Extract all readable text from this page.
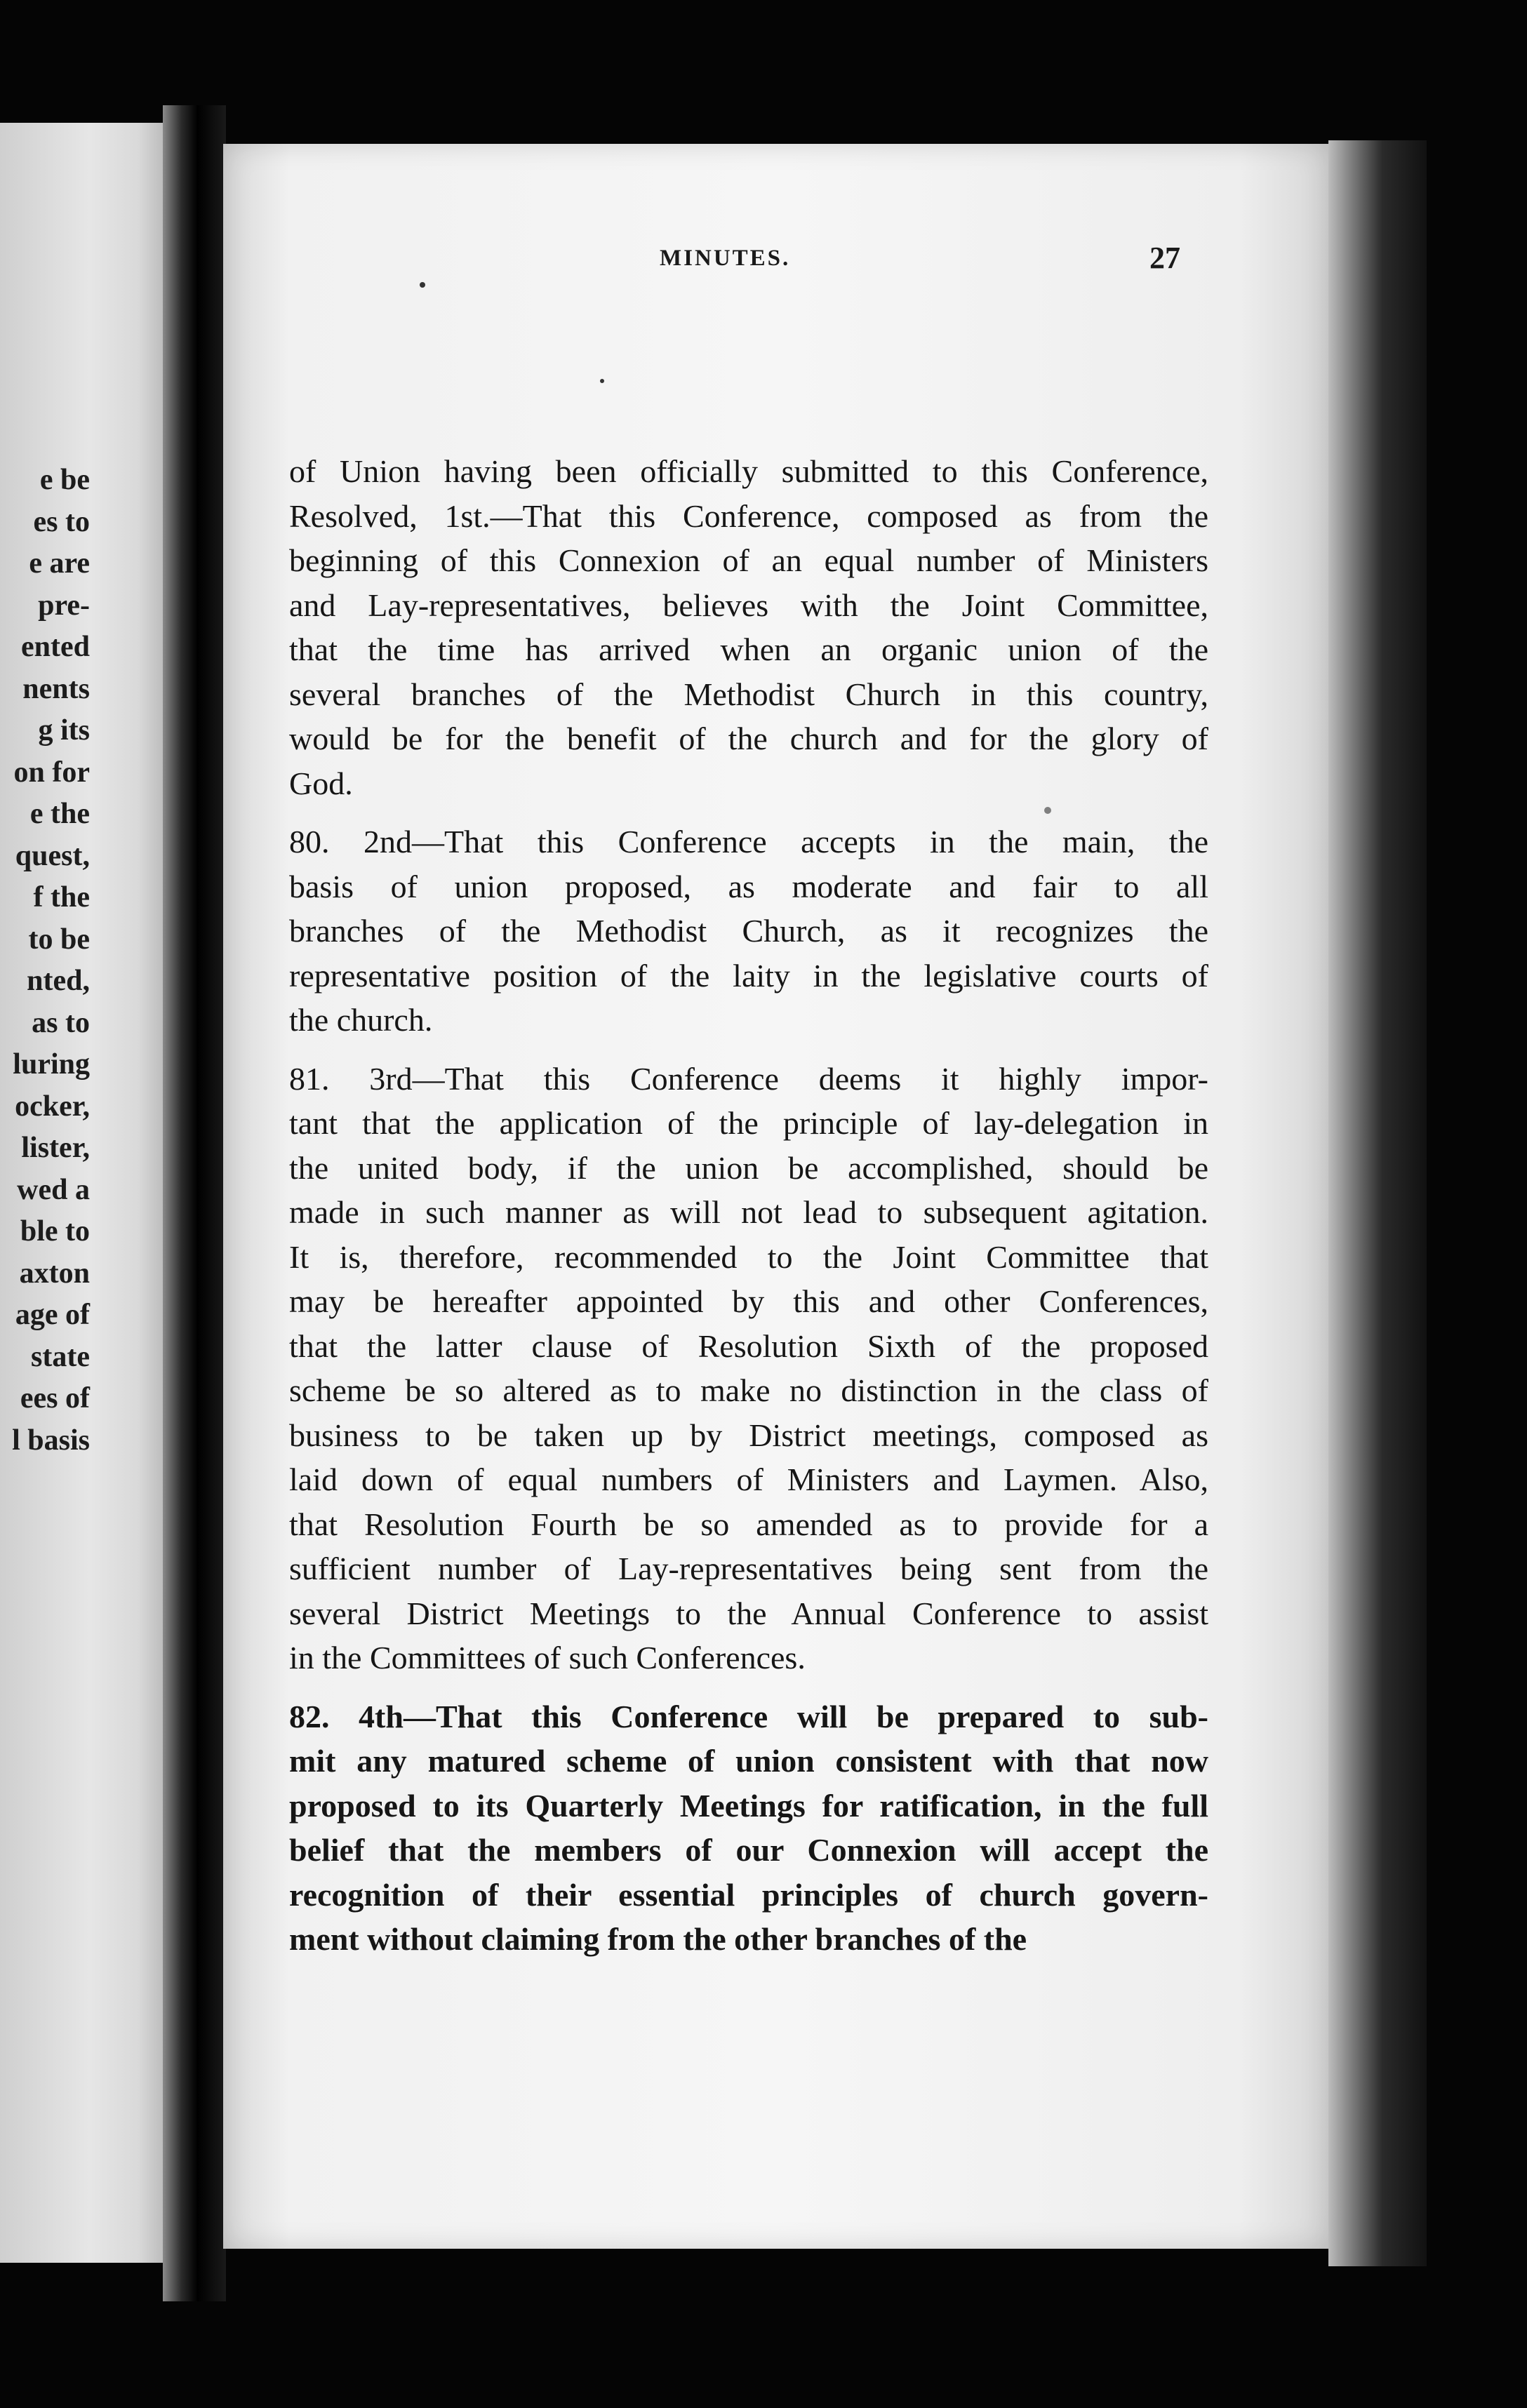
e be
es to
e are
pre-
ented
nents
g its
on for
e the
quest,
f the
to be
nted,
as to
luring
ocker,
lister,
wed a
ble to
axton
age of
state
ees of
l basis
MINUTES.	27
of Union having been officially submitted to this Conference,
Resolved, 1st.—That this Conference, composed as from the
beginning of this Connexion of an equal number of Ministers
and Lay-representatives, believes with the Joint Committee,
that the time has arrived when an organic union of the
several branches of the Methodist Church in this country,
would be for the benefit of the church and for the glory of
God.
80. 2nd—That this Conference accepts in the main, the
basis of union proposed, as moderate and fair to all
branches of the Methodist Church, as it recognizes the
representative position of the laity in the legislative courts of
the church.
81. 3rd—That this Conference deems it highly impor-
tant that the application of the principle of lay-delegation in
the united body, if the union be accomplished, should be
made in such manner as will not lead to subsequent agitation.
It is, therefore, recommended to the Joint Committee that
may be hereafter appointed by this and other Conferences,
that the latter clause of Resolution Sixth of the proposed
scheme be so altered as to make no distinction in the class of
business to be taken up by District meetings, composed as
laid down of equal numbers of Ministers and Laymen. Also,
that Resolution Fourth be so amended as to provide for a
sufficient number of Lay-representatives being sent from the
several District Meetings to the Annual Conference to assist
in the Committees of such Conferences.
82. 4th—That this Conference will be prepared to sub-
mit any matured scheme of union consistent with that now
proposed to its Quarterly Meetings for ratification, in the full
belief that the members of our Connexion will accept the
recognition of their essential principles of church govern-
ment without claiming from the other branches of the
